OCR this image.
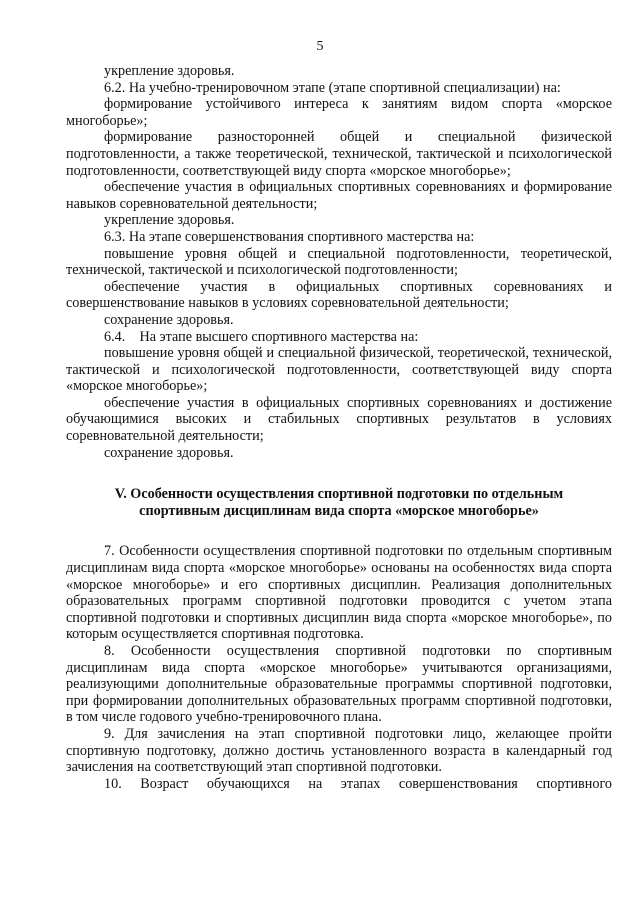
5

укрепление здоровья.

6.2. На учебно-тренировочном этапе (этапе спортивной специализации) на:

формирование устойчивого интереса к занятиям видом спорта «морское многоборье»;

формирование разносторонней общей и специальной физической подготовленности, а также теоретической, технической, тактической и психологической подготовленности, соответствующей виду спорта «морское многоборье»;

обеспечение участия в официальных спортивных соревнованиях и формирование навыков соревновательной деятельности;

укрепление здоровья.

6.3. На этапе совершенствования спортивного мастерства на:

повышение уровня общей и специальной подготовленности, теоретической, технической, тактической и психологической подготовленности;

обеспечение участия в официальных спортивных соревнованиях и совершенствование навыков в условиях соревновательной деятельности;

сохранение здоровья.

6.4.    На этапе высшего спортивного мастерства на:

повышение уровня общей и специальной физической, теоретической, технической, тактической и психологической подготовленности, соответствующей виду спорта «морское многоборье»;

обеспечение участия в официальных спортивных соревнованиях и достижение обучающимися высоких и стабильных спортивных результатов в условиях соревновательной деятельности;

сохранение здоровья.

V. Особенности осуществления спортивной подготовки по отдельным
спортивным дисциплинам вида спорта «морское многоборье»

7. Особенности осуществления спортивной подготовки по отдельным спортивным дисциплинам вида спорта «морское многоборье» основаны на особенностях вида спорта «морское многоборье» и его спортивных дисциплин. Реализация дополнительных образовательных программ спортивной подготовки проводится с учетом этапа спортивной подготовки и спортивных дисциплин вида спорта «морское многоборье», по которым осуществляется спортивная подготовка.

8. Особенности осуществления спортивной подготовки по спортивным дисциплинам вида спорта «морское многоборье» учитываются организациями, реализующими дополнительные образовательные программы спортивной подготовки, при формировании дополнительных образовательных программ спортивной подготовки, в том числе годового учебно-тренировочного плана.

9. Для зачисления на этап спортивной подготовки лицо, желающее пройти спортивную подготовку, должно достичь установленного возраста в календарный год зачисления на соответствующий этап спортивной подготовки.

10. Возраст обучающихся на этапах совершенствования спортивного
